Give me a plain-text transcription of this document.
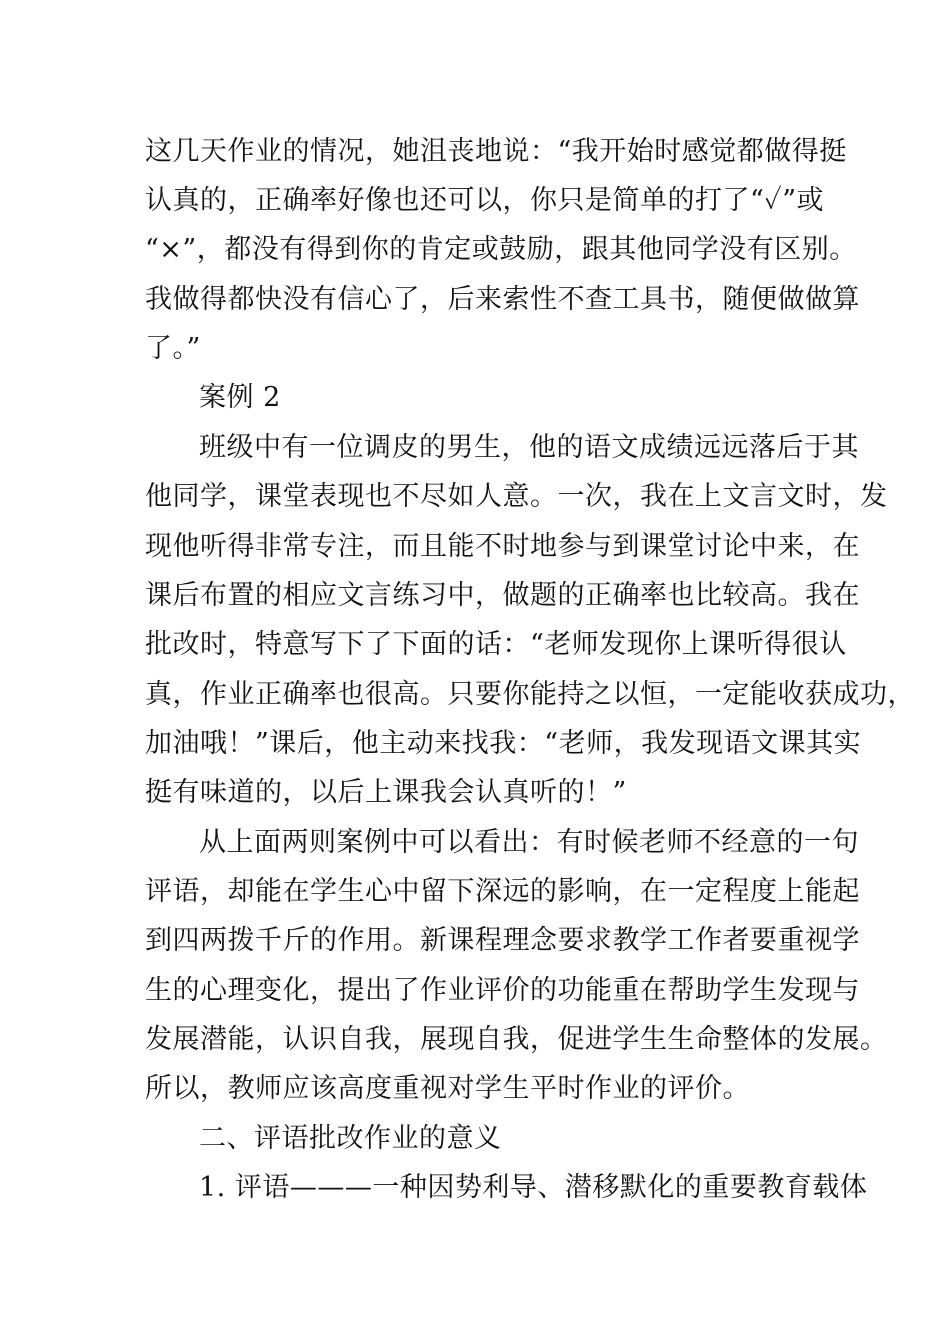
这几天作业的情况，她沮丧地说：“我开始时感觉都做得挺
认真的，正确率好像也还可以，你只是简单的打了“✓”或
“×”，都没有得到你的肯定或鼓励，跟其他同学没有区别。
我做得都快没有信心了，后来索性不查工具书，随便做做算
了。”
案例 2
班级中有一位调皮的男生，他的语文成绩远远落后于其
他同学，课堂表现也不尽如人意。一次，我在上文言文时，发
现他听得非常专注，而且能不时地参与到课堂讨论中来，在
课后布置的相应文言练习中，做题的正确率也比较高。我在
批改时，特意写下了下面的话：“老师发现你上课听得很认
真，作业正确率也很高。只要你能持之以恒，一定能收获成功，
加油哦！”课后，他主动来找我：“老师，我发现语文课其实
挺有味道的，以后上课我会认真听的！”
从上面两则案例中可以看出：有时候老师不经意的一句
评语，却能在学生心中留下深远的影响，在一定程度上能起
到四两拨千斤的作用。新课程理念要求教学工作者要重视学
生的心理变化，提出了作业评价的功能重在帮助学生发现与
发展潜能，认识自我，展现自我，促进学生生命整体的发展。
所以，教师应该高度重视对学生平时作业的评价。
二、评语批改作业的意义
1. 评语———一种因势利导、潜移默化的重要教育载体
